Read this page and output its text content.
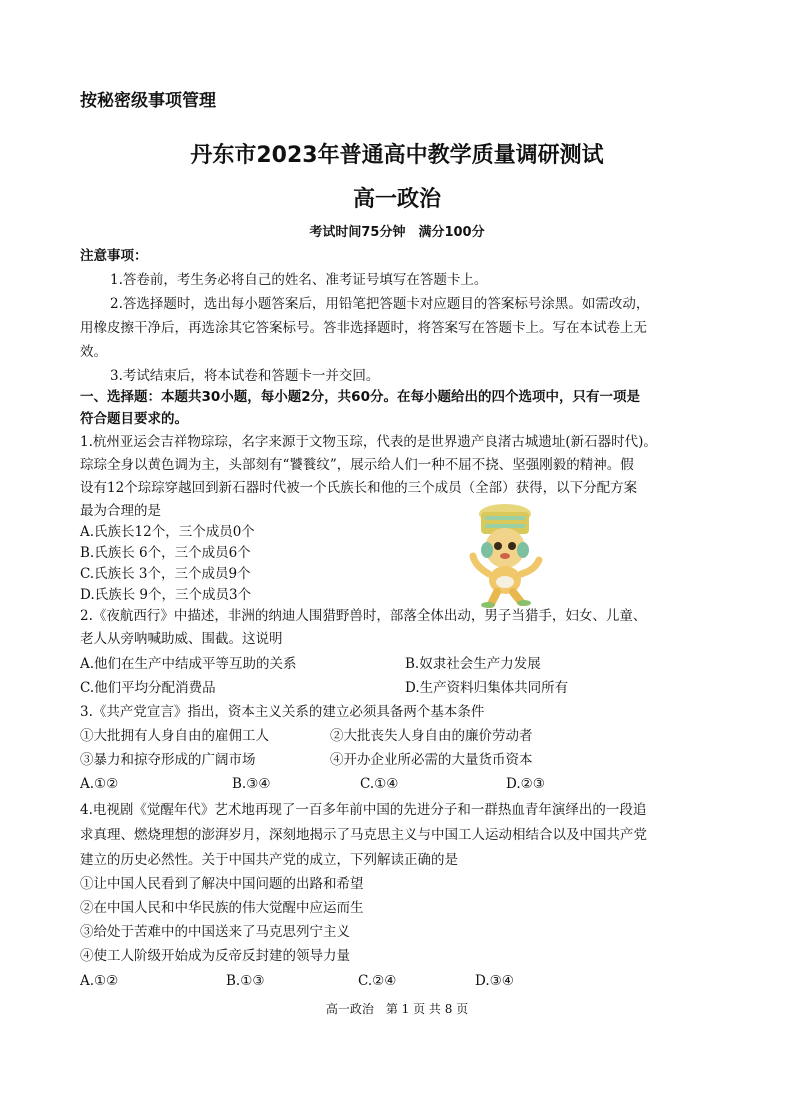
按秘密级事项管理
丹东市2023年普通高中教学质量调研测试
高一政治
考试时间75分钟　满分100分
注意事项：
1.答卷前，考生务必将自己的姓名、准考证号填写在答题卡上。
2.答选择题时，选出每小题答案后，用铅笔把答题卡对应题目的答案标号涂黑。如需改动，
用橡皮擦干净后，再选涂其它答案标号。答非选择题时，将答案写在答题卡上。写在本试卷上无
效。
3.考试结束后，将本试卷和答题卡一并交回。
一、选择题：本题共30小题，每小题2分，共60分。在每小题给出的四个选项中，只有一项是
符合题目要求的。
1.杭州亚运会吉祥物琮琮，名字来源于文物玉琮，代表的是世界遗产良渚古城遗址(新石器时代)。
琮琮全身以黄色调为主，头部刻有“饕餮纹”，展示给人们一种不屈不挠、坚强刚毅的精神。假
设有12个琮琮穿越回到新石器时代被一个氏族长和他的三个成员（全部）获得，以下分配方案
最为合理的是
A.氏族长12个，三个成员0个
B.氏族长 6个，三个成员6个
C.氏族长 3个，三个成员9个
D.氏族长 9个，三个成员3个
2.《夜航西行》中描述，非洲的纳迪人围猎野兽时，部落全体出动，男子当猎手，妇女、儿童、
老人从旁呐喊助威、围截。这说明
A.他们在生产中结成平等互助的关系	B.奴隶社会生产力发展
C.他们平均分配消费品	D.生产资料归集体共同所有
3.《共产党宣言》指出，资本主义关系的建立必须具备两个基本条件
①大批拥有人身自由的雇佣工人	②大批丧失人身自由的廉价劳动者
③暴力和掠夺形成的广阔市场	④开办企业所必需的大量货币资本
A.①②	B.③④	C.①④	D.②③
4.电视剧《觉醒年代》艺术地再现了一百多年前中国的先进分子和一群热血青年演绎出的一段追
求真理、燃烧理想的澎湃岁月，深刻地揭示了马克思主义与中国工人运动相结合以及中国共产党
建立的历史必然性。关于中国共产党的成立，下列解读正确的是
①让中国人民看到了解决中国问题的出路和希望
②在中国人民和中华民族的伟大觉醒中应运而生
③给处于苦难中的中国送来了马克思列宁主义
④使工人阶级开始成为反帝反封建的领导力量
A.①②	B.①③	C.②④	D.③④
高一政治　第 1 页 共 8 页
